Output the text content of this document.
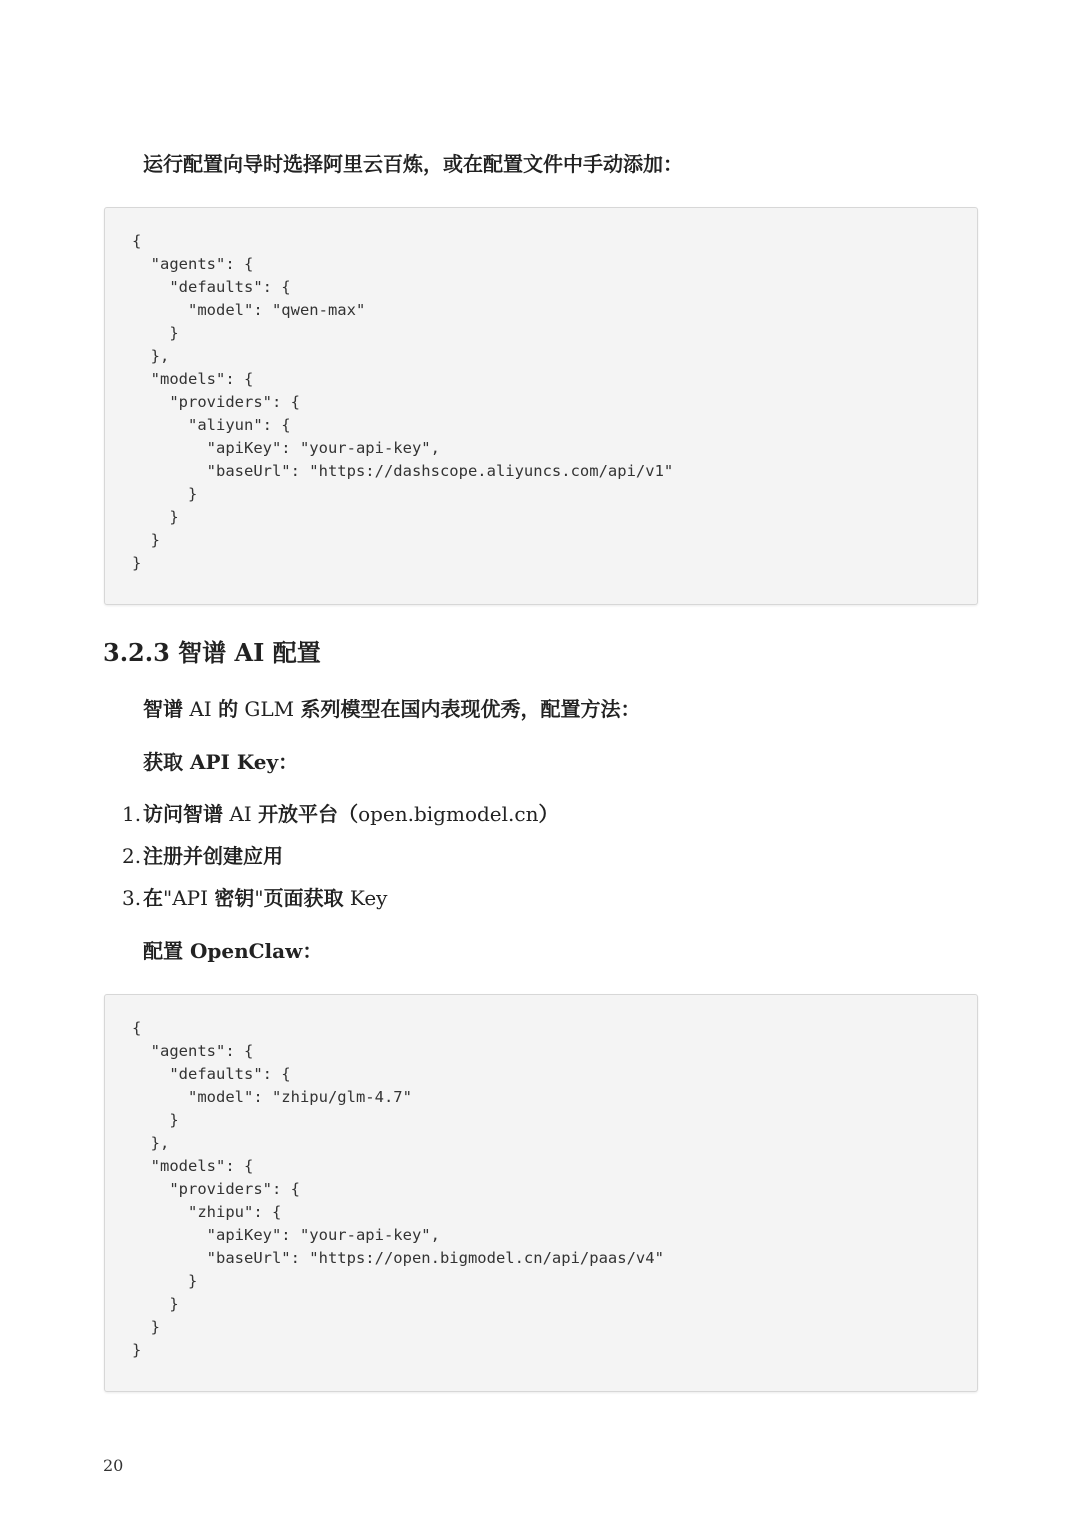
运行配置向导时选择阿里云百炼，或在配置文件中手动添加：

{
"agents": {
"defaults": {
"model": "qwen-max"
}
},
"models": {
"providers": {
"aliyun": {
"apiKey": "your-api-key",
"baseUrl": "https://dashscope.aliyuncs.com/api/v1"
}
}
}
}
3.2.3 智谱 AI 配置

智谱 AI 的 GLM 系列模型在国内表现优秀，配置方法：

获取 API Key：

1. 访问智谱 AI 开放平台（open.bigmodel.cn）
2. 注册并创建应用
3. 在"API 密钥"页面获取 Key

配置 OpenClaw：

{
"agents": {
"defaults": {
"model": "zhipu/glm-4.7"
}
},
"models": {
"providers": {
"zhipu": {
"apiKey": "your-api-key",
"baseUrl": "https://open.bigmodel.cn/api/paas/v4"
}
}
}
}
20
